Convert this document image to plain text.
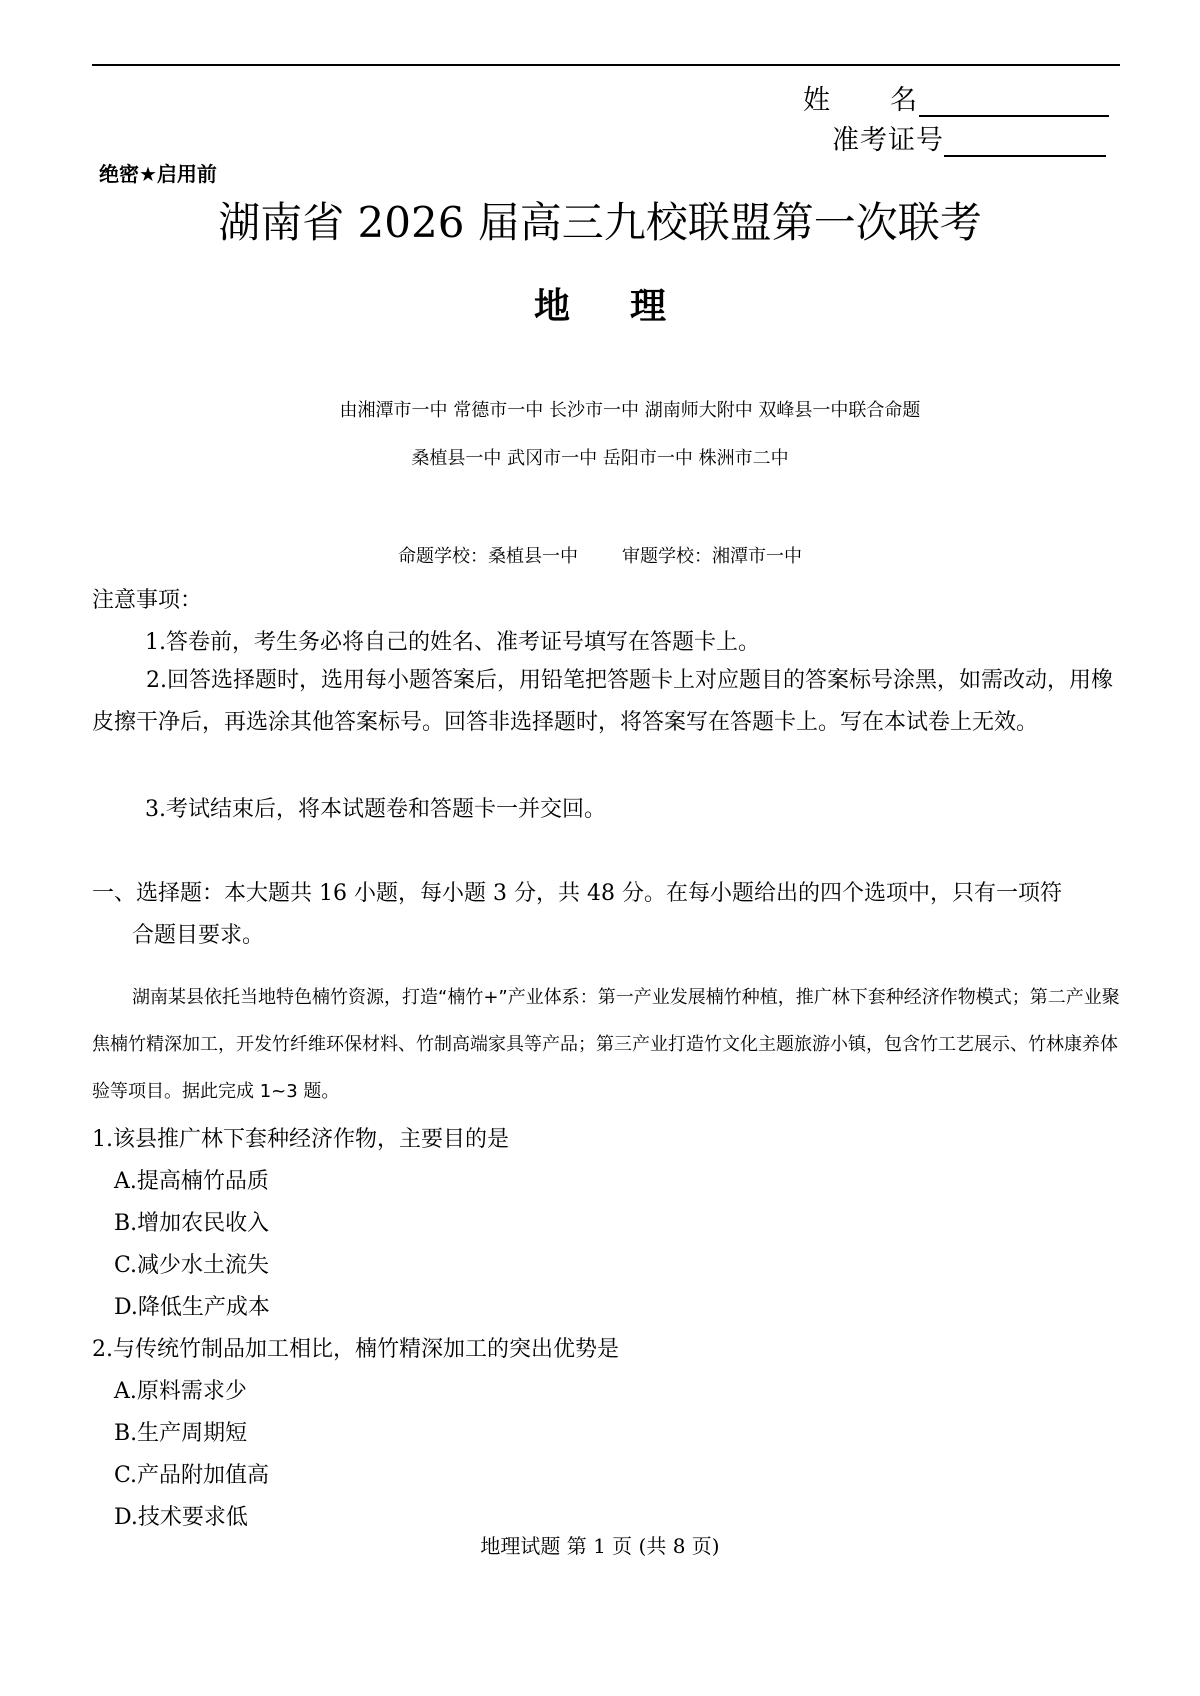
姓　　名
准考证号
绝密★启用前
湖南省 2026 届高三九校联盟第一次联考
地 理
由湘潭市一中 常德市一中 长沙市一中 湖南师大附中 双峰县一中联合命题
桑植县一中 武冈市一中 岳阳市一中 株洲市二中
命题学校：桑植县一中 审题学校：湘潭市一中
注意事项：
1.答卷前，考生务必将自己的姓名、准考证号填写在答题卡上。
2.回答选择题时，选用每小题答案后，用铅笔把答题卡上对应题目的答案标号涂黑，如需改动，用橡皮擦干净后，再选涂其他答案标号。回答非选择题时，将答案写在答题卡上。写在本试卷上无效。
3.考试结束后，将本试题卷和答题卡一并交回。
一、选择题：本大题共 16 小题，每小题 3 分，共 48 分。在每小题给出的四个选项中，只有一项符
合题目要求。
湖南某县依托当地特色楠竹资源，打造“楠竹+”产业体系：第一产业发展楠竹种植，推广林下套种经济作物模式；第二产业聚焦楠竹精深加工，开发竹纤维环保材料、竹制高端家具等产品；第三产业打造竹文化主题旅游小镇，包含竹工艺展示、竹林康养体验等项目。据此完成 1~3 题。
1.该县推广林下套种经济作物，主要目的是
A.提高楠竹品质
B.增加农民收入
C.减少水土流失
D.降低生产成本
2.与传统竹制品加工相比，楠竹精深加工的突出优势是
A.原料需求少
B.生产周期短
C.产品附加值高
D.技术要求低
地理试题 第 1 页 (共 8 页)
